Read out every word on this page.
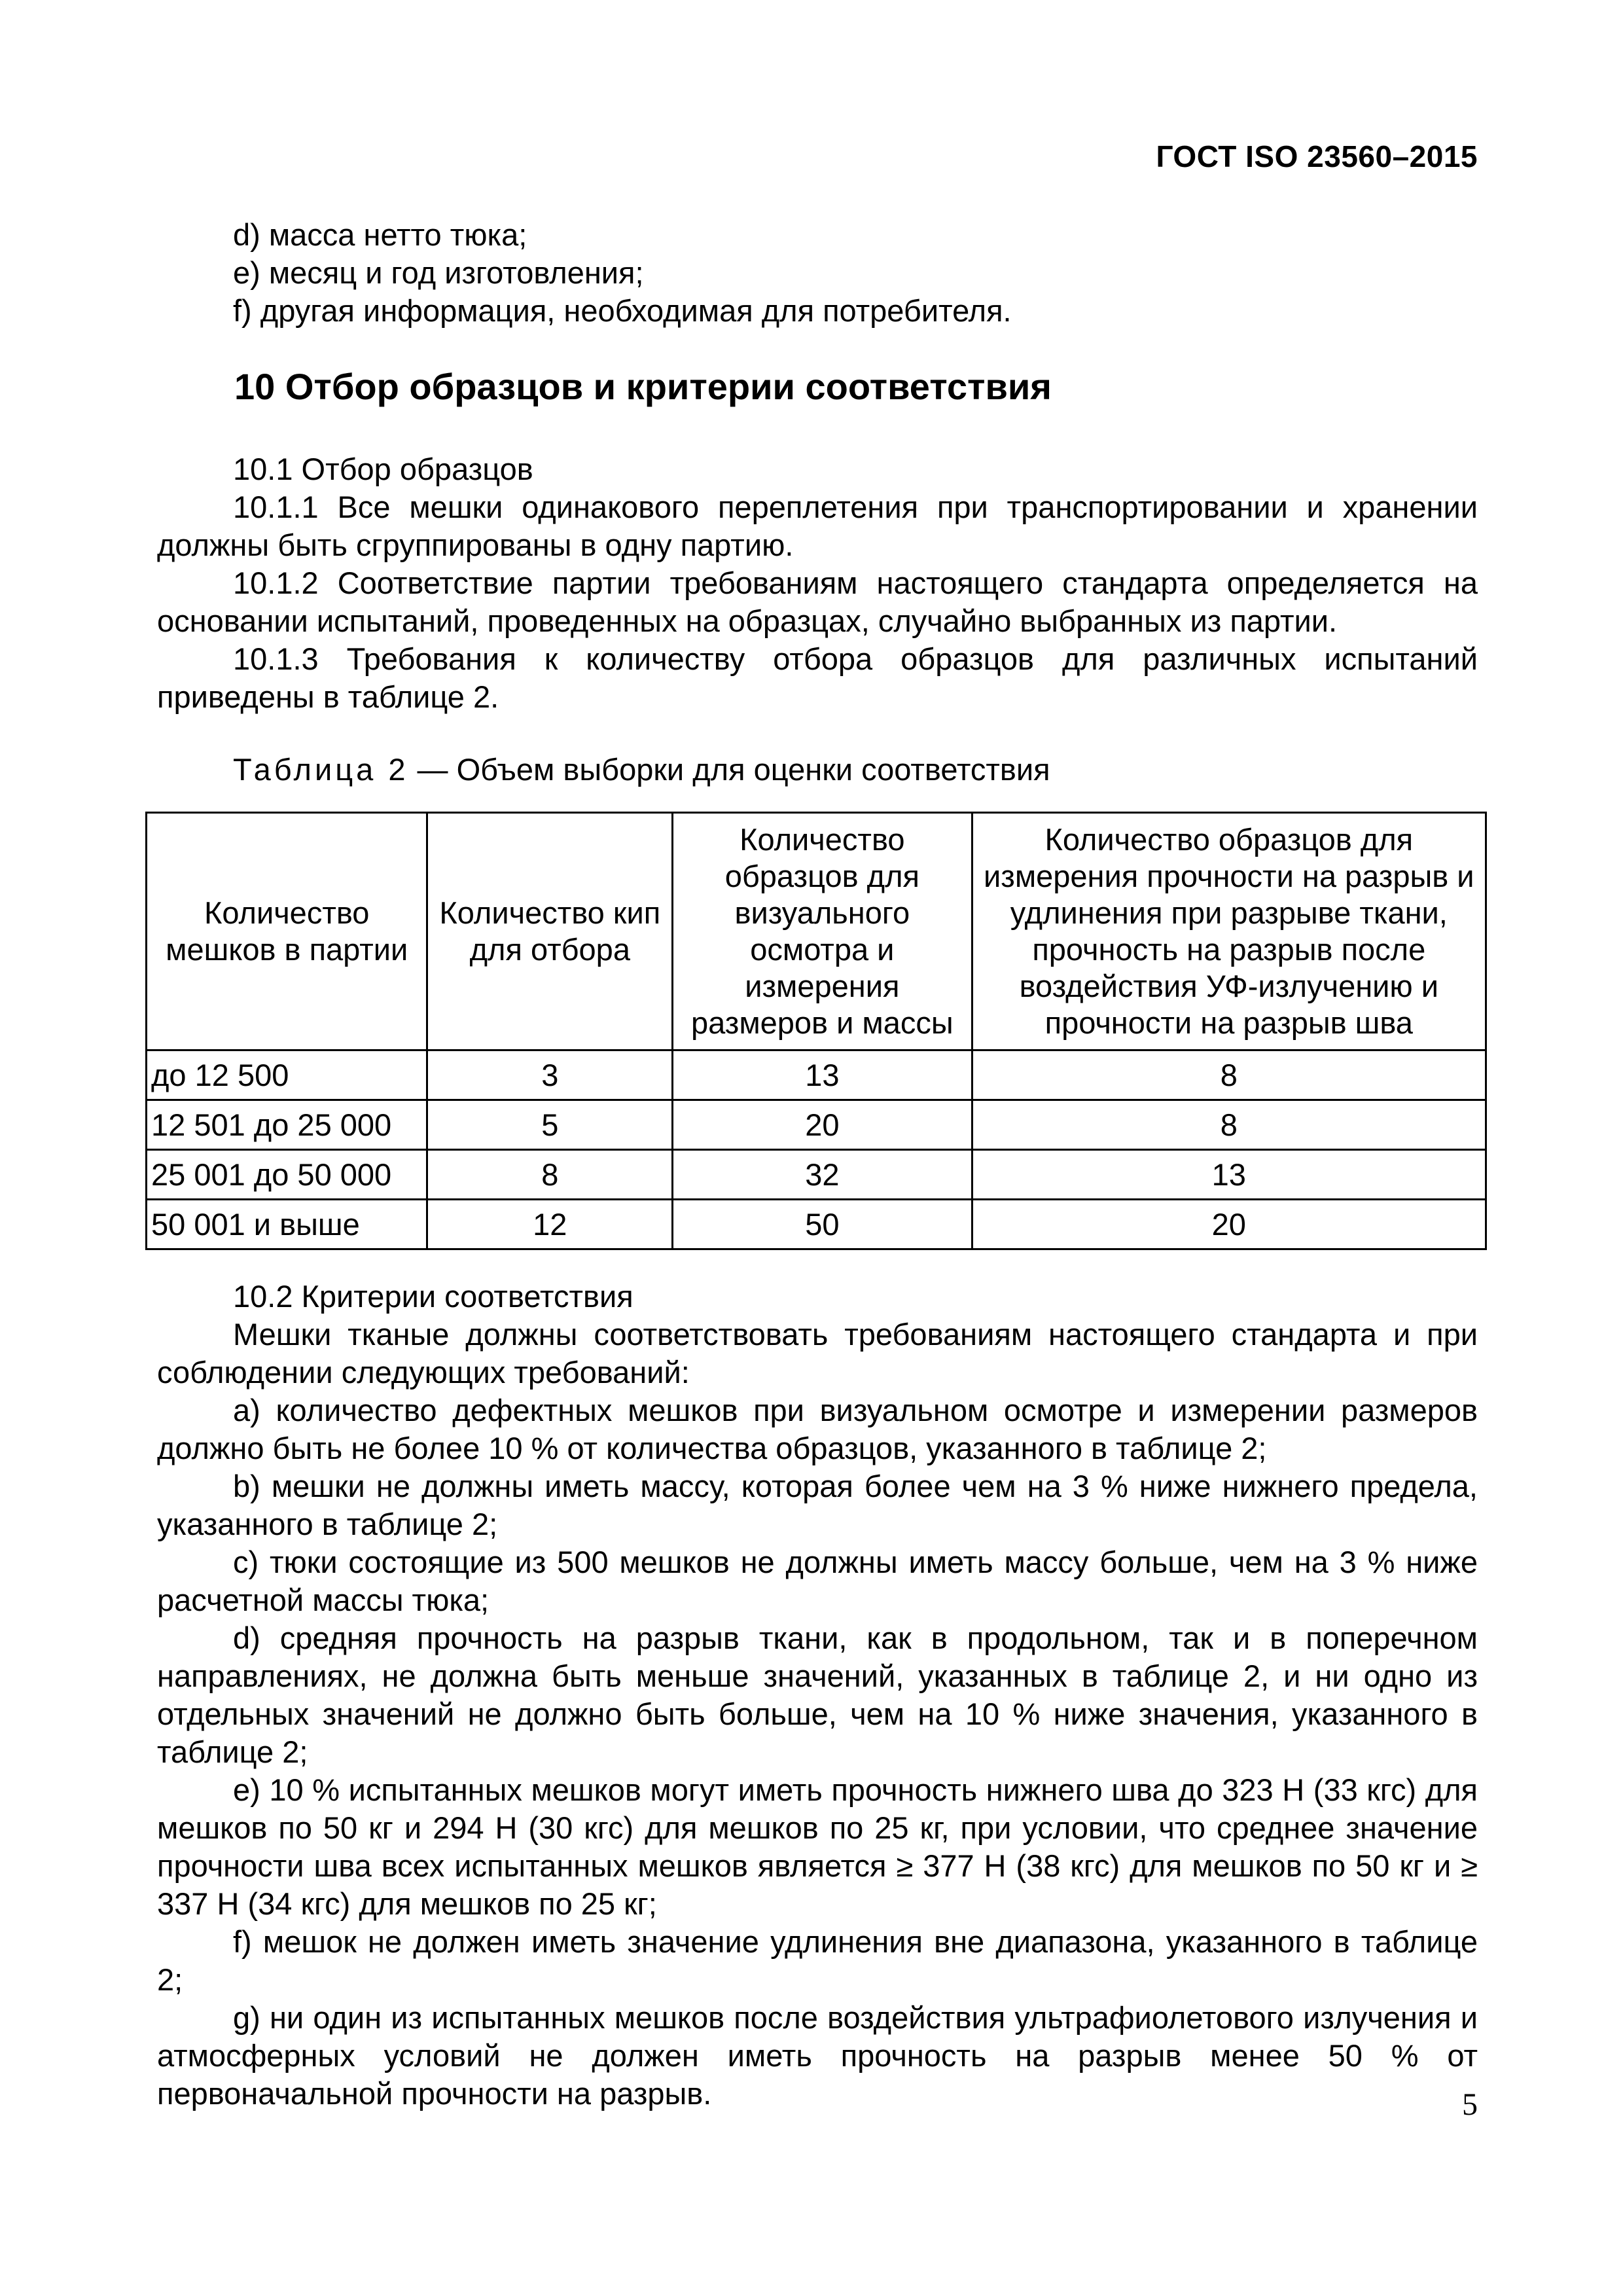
ГОСТ ISO 23560–2015

d) масса нетто тюка;

e) месяц и год изготовления;

f) другая информация, необходимая для потребителя.

10 Отбор образцов и критерии соответствия

10.1 Отбор образцов

10.1.1 Все мешки одинакового переплетения при транспортировании и хранении должны быть сгруппированы в одну партию.

10.1.2 Соответствие партии требованиям настоящего стандарта определяется на основании испытаний, проведенных на образцах, случайно выбранных из партии.

10.1.3 Требования к количеству отбора образцов для различных испытаний приведены в таблице 2.

Таблица 2 — Объем выборки для оценки соответствия
Количество мешков в партии	Количество кип для отбора	Количество образцов для визуального осмотра и измерения размеров и массы	Количество образцов для измерения прочности на разрыв и удлинения при разрыве ткани, прочность на разрыв после воздействия УФ-излучению и прочности на разрыв шва
до 12 500	3	13	8
12 501 до 25 000	5	20	8
25 001 до 50 000	8	32	13
50 001 и выше	12	50	20

10.2 Критерии соответствия

Мешки тканые должны соответствовать требованиям настоящего стандарта и при соблюдении следующих требований:

a) количество дефектных мешков при визуальном осмотре и измерении размеров должно быть не более 10 % от количества образцов, указанного в таблице 2;

b) мешки не должны иметь массу, которая более чем на 3 % ниже нижнего предела, указанного в таблице 2;

c) тюки состоящие из 500 мешков не должны иметь массу больше, чем на 3 % ниже расчетной массы тюка;

d) средняя прочность на разрыв ткани, как в продольном, так и в поперечном направлениях, не должна быть меньше значений, указанных в таблице 2, и ни одно из отдельных значений не должно быть больше, чем на 10 % ниже значения, указанного в таблице 2;

e) 10 % испытанных мешков могут иметь прочность нижнего шва до 323 Н (33 кгс) для мешков по 50 кг и 294 Н (30 кгс) для мешков по 25 кг, при условии, что среднее значение прочности шва всех испытанных мешков является ≥ 377 Н (38 кгс) для мешков по 50 кг и ≥ 337 Н (34 кгс) для мешков по 25 кг;

f) мешок не должен иметь значение удлинения вне диапазона, указанного в таблице 2;

g) ни один из испытанных мешков после воздействия ультрафиолетового излучения и атмосферных условий не должен иметь прочность на разрыв менее 50 % от первоначальной прочности на разрыв.	5
